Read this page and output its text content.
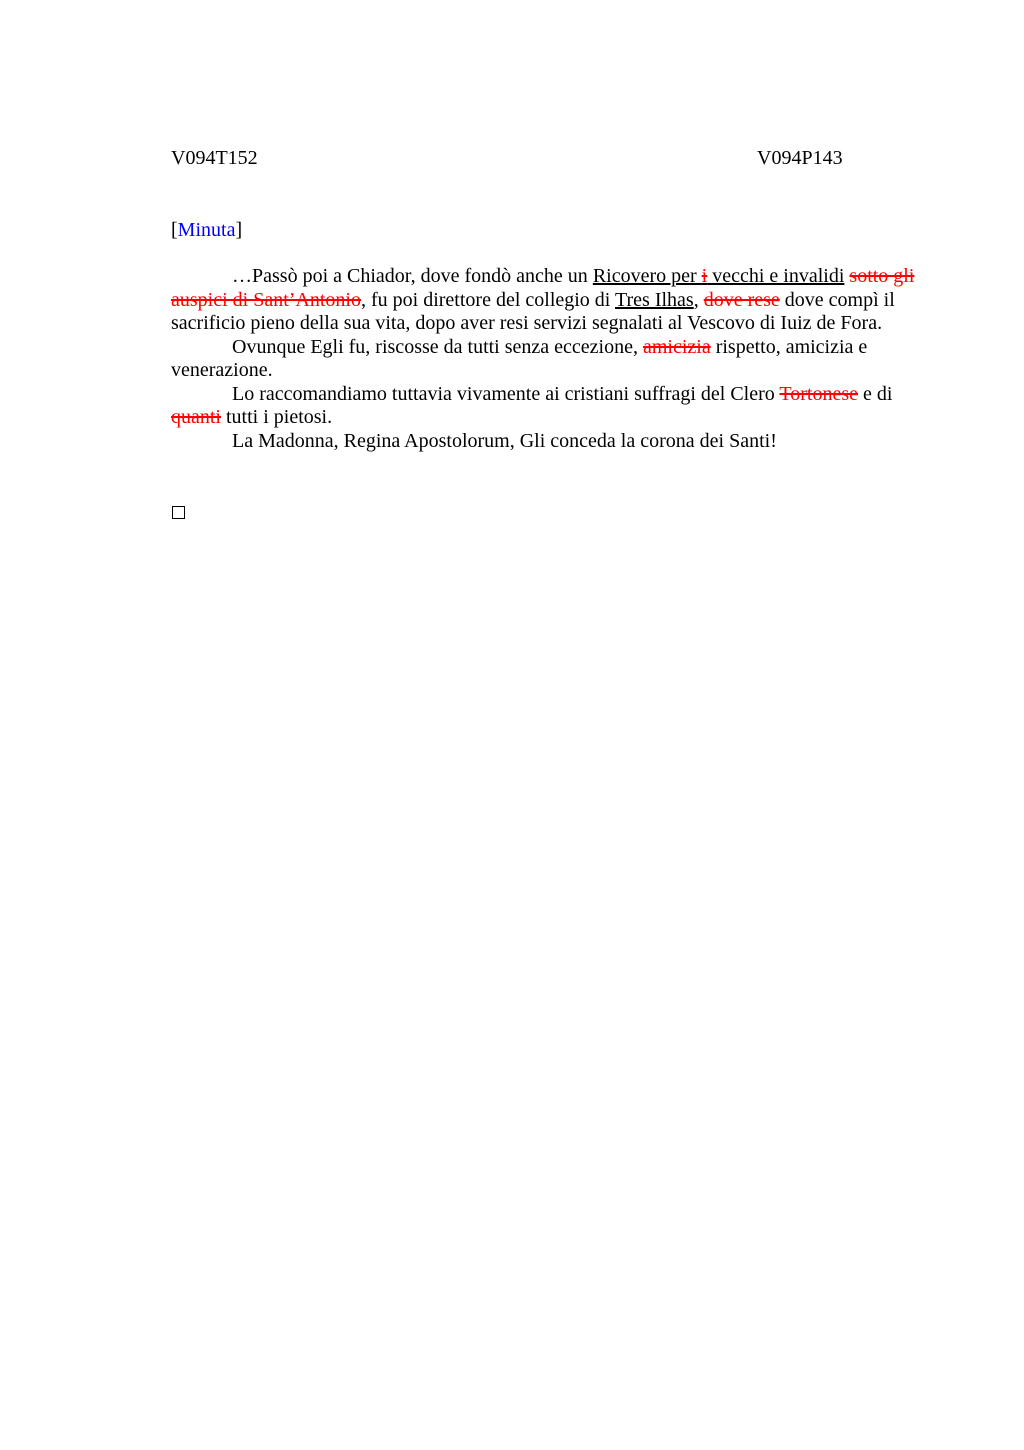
V094T152	V094P143
[Minuta]

…Passò poi a Chiador, dove fondò anche un Ricovero per i vecchi e invalidi sotto gli auspici di Sant’Antonio, fu poi direttore del collegio di Tres Ilhas, dove rese dove compì il sacrificio pieno della sua vita, dopo aver resi servizi segnalati al Vescovo di Iuiz de Fora.

Ovunque Egli fu, riscosse da tutti senza eccezione, amicizia rispetto, amicizia e venerazione.

Lo raccomandiamo tuttavia vivamente ai cristiani suffragi del Clero Tortonese e di quanti tutti i pietosi.

La Madonna, Regina Apostolorum, Gli conceda la corona dei Santi!
